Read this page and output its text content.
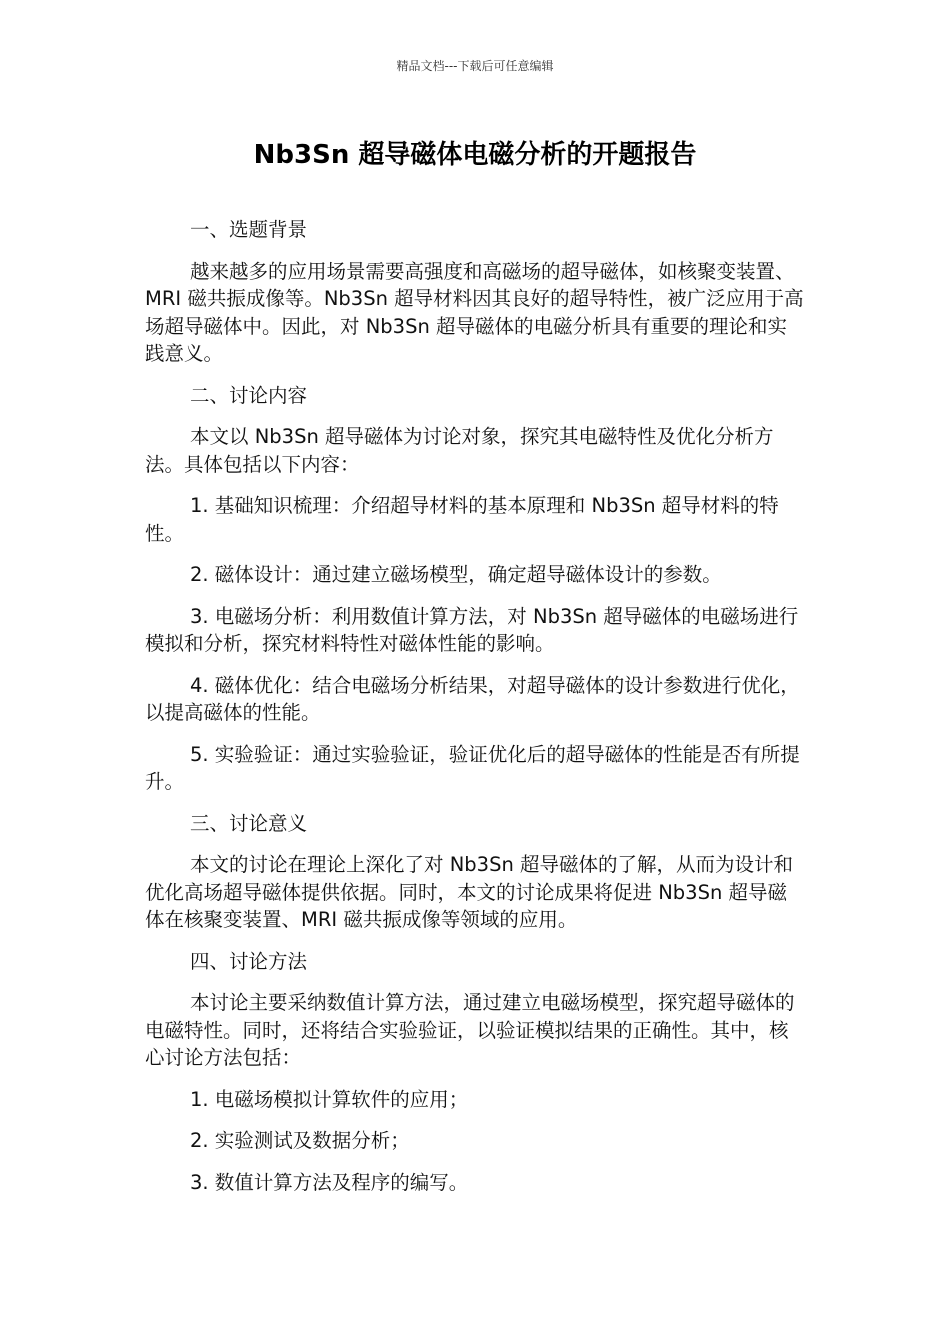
精品文档---下载后可任意编辑
Nb3Sn 超导磁体电磁分析的开题报告

一、选题背景

越来越多的应用场景需要高强度和高磁场的超导磁体，如核聚变装置、MRI 磁共振成像等。Nb3Sn 超导材料因其良好的超导特性，被广泛应用于高场超导磁体中。因此，对 Nb3Sn 超导磁体的电磁分析具有重要的理论和实践意义。

二、讨论内容

本文以 Nb3Sn 超导磁体为讨论对象，探究其电磁特性及优化分析方法。具体包括以下内容：

1. 基础知识梳理：介绍超导材料的基本原理和 Nb3Sn 超导材料的特性。

2. 磁体设计：通过建立磁场模型，确定超导磁体设计的参数。

3. 电磁场分析：利用数值计算方法，对 Nb3Sn 超导磁体的电磁场进行模拟和分析，探究材料特性对磁体性能的影响。

4. 磁体优化：结合电磁场分析结果，对超导磁体的设计参数进行优化，以提高磁体的性能。

5. 实验验证：通过实验验证，验证优化后的超导磁体的性能是否有所提升。

三、讨论意义

本文的讨论在理论上深化了对 Nb3Sn 超导磁体的了解，从而为设计和优化高场超导磁体提供依据。同时，本文的讨论成果将促进 Nb3Sn 超导磁体在核聚变装置、MRI 磁共振成像等领域的应用。

四、讨论方法

本讨论主要采纳数值计算方法，通过建立电磁场模型，探究超导磁体的电磁特性。同时，还将结合实验验证，以验证模拟结果的正确性。其中，核心讨论方法包括：

1. 电磁场模拟计算软件的应用；

2. 实验测试及数据分析；

3. 数值计算方法及程序的编写。
